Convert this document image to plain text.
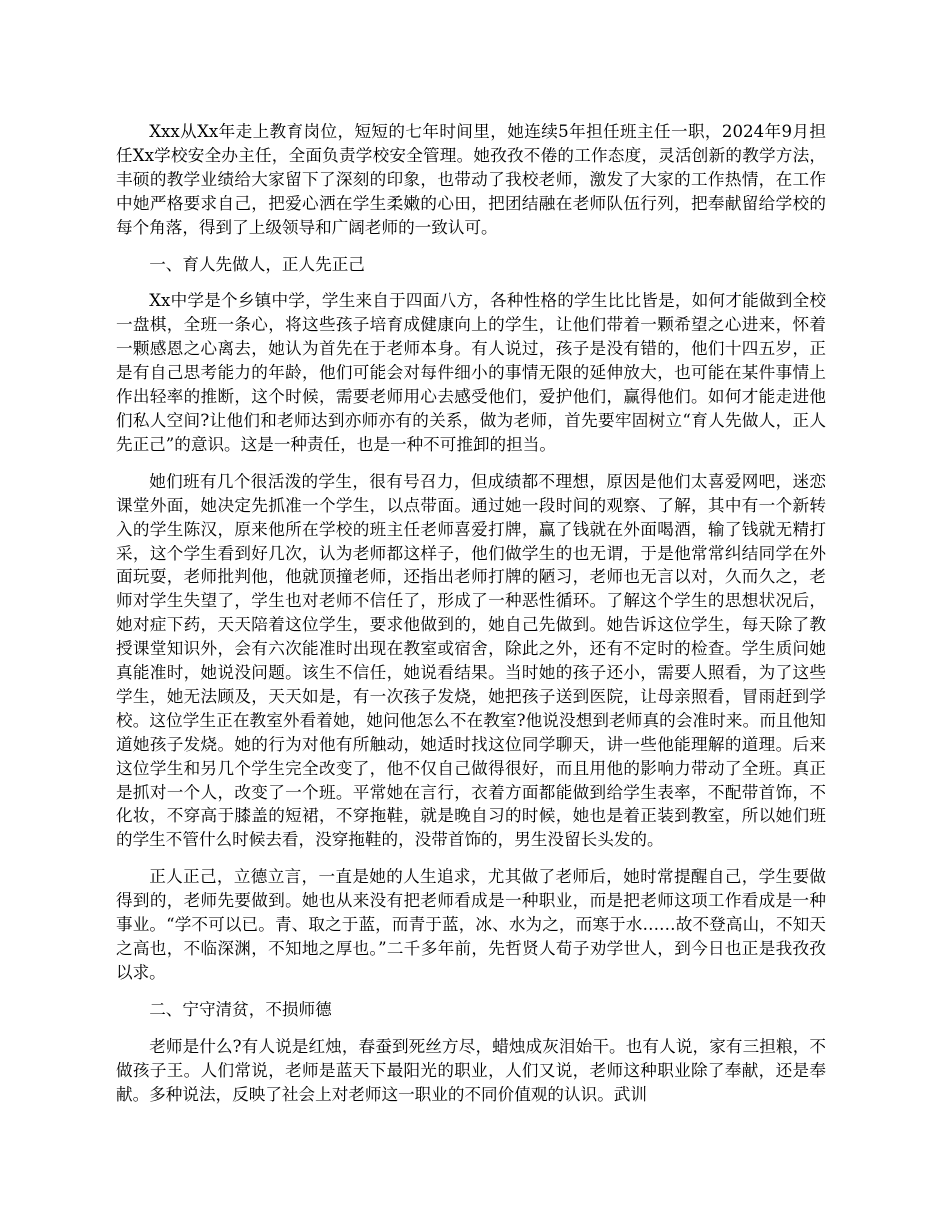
Xxx从Xx年走上教育岗位，短短的七年时间里，她连续5年担任班主任一职，2024年9月担任Xx学校安全办主任，全面负责学校安全管理。她孜孜不倦的工作态度，灵活创新的教学方法，丰硕的教学业绩给大家留下了深刻的印象，也带动了我校老师，激发了大家的工作热情，在工作中她严格要求自己，把爱心洒在学生柔嫩的心田，把团结融在老师队伍行列，把奉献留给学校的每个角落，得到了上级领导和广阔老师的一致认可。

一、育人先做人，正人先正己

Xx中学是个乡镇中学，学生来自于四面八方，各种性格的学生比比皆是，如何才能做到全校一盘棋，全班一条心，将这些孩子培育成健康向上的学生，让他们带着一颗希望之心进来，怀着一颗感恩之心离去，她认为首先在于老师本身。有人说过，孩子是没有错的，他们十四五岁，正是有自己思考能力的年龄，他们可能会对每件细小的事情无限的延伸放大，也可能在某件事情上作出轻率的推断，这个时候，需要老师用心去感受他们，爱护他们，赢得他们。如何才能走进他们私人空间?让他们和老师达到亦师亦有的关系，做为老师，首先要牢固树立“育人先做人，正人先正己”的意识。这是一种责任，也是一种不可推卸的担当。

她们班有几个很活泼的学生，很有号召力，但成绩都不理想，原因是他们太喜爱网吧，迷恋课堂外面，她决定先抓准一个学生，以点带面。通过她一段时间的观察、了解，其中有一个新转入的学生陈汉，原来他所在学校的班主任老师喜爱打牌，赢了钱就在外面喝酒，输了钱就无精打采，这个学生看到好几次，认为老师都这样子，他们做学生的也无谓，于是他常常纠结同学在外面玩耍，老师批判他，他就顶撞老师，还指出老师打牌的陋习，老师也无言以对，久而久之，老师对学生失望了，学生也对老师不信任了，形成了一种恶性循环。了解这个学生的思想状况后，她对症下药，天天陪着这位学生，要求他做到的，她自己先做到。她告诉这位学生，每天除了教授课堂知识外，会有六次能准时出现在教室或宿舍，除此之外，还有不定时的检查。学生质问她真能准时，她说没问题。该生不信任，她说看结果。当时她的孩子还小，需要人照看，为了这些学生，她无法顾及，天天如是，有一次孩子发烧，她把孩子送到医院，让母亲照看，冒雨赶到学校。这位学生正在教室外看着她，她问他怎么不在教室?他说没想到老师真的会准时来。而且他知道她孩子发烧。她的行为对他有所触动，她适时找这位同学聊天，讲一些他能理解的道理。后来这位学生和另几个学生完全改变了，他不仅自己做得很好，而且用他的影响力带动了全班。真正是抓对一个人，改变了一个班。平常她在言行，衣着方面都能做到给学生表率，不配带首饰，不化妆，不穿高于膝盖的短裙，不穿拖鞋，就是晚自习的时候，她也是着正装到教室，所以她们班的学生不管什么时候去看，没穿拖鞋的，没带首饰的，男生没留长头发的。

正人正己，立德立言，一直是她的人生追求，尤其做了老师后，她时常提醒自己，学生要做得到的，老师先要做到。她也从来没有把老师看成是一种职业，而是把老师这项工作看成是一种事业。“学不可以已。青、取之于蓝，而青于蓝，冰、水为之，而寒于水……故不登高山，不知天之高也，不临深渊，不知地之厚也。”二千多年前，先哲贤人荀子劝学世人，到今日也正是我孜孜以求。

二、宁守清贫，不损师德

老师是什么?有人说是红烛，春蚕到死丝方尽，蜡烛成灰泪始干。也有人说，家有三担粮，不做孩子王。人们常说，老师是蓝天下最阳光的职业，人们又说，老师这种职业除了奉献，还是奉献。多种说法，反映了社会上对老师这一职业的不同价值观的认识。武训
